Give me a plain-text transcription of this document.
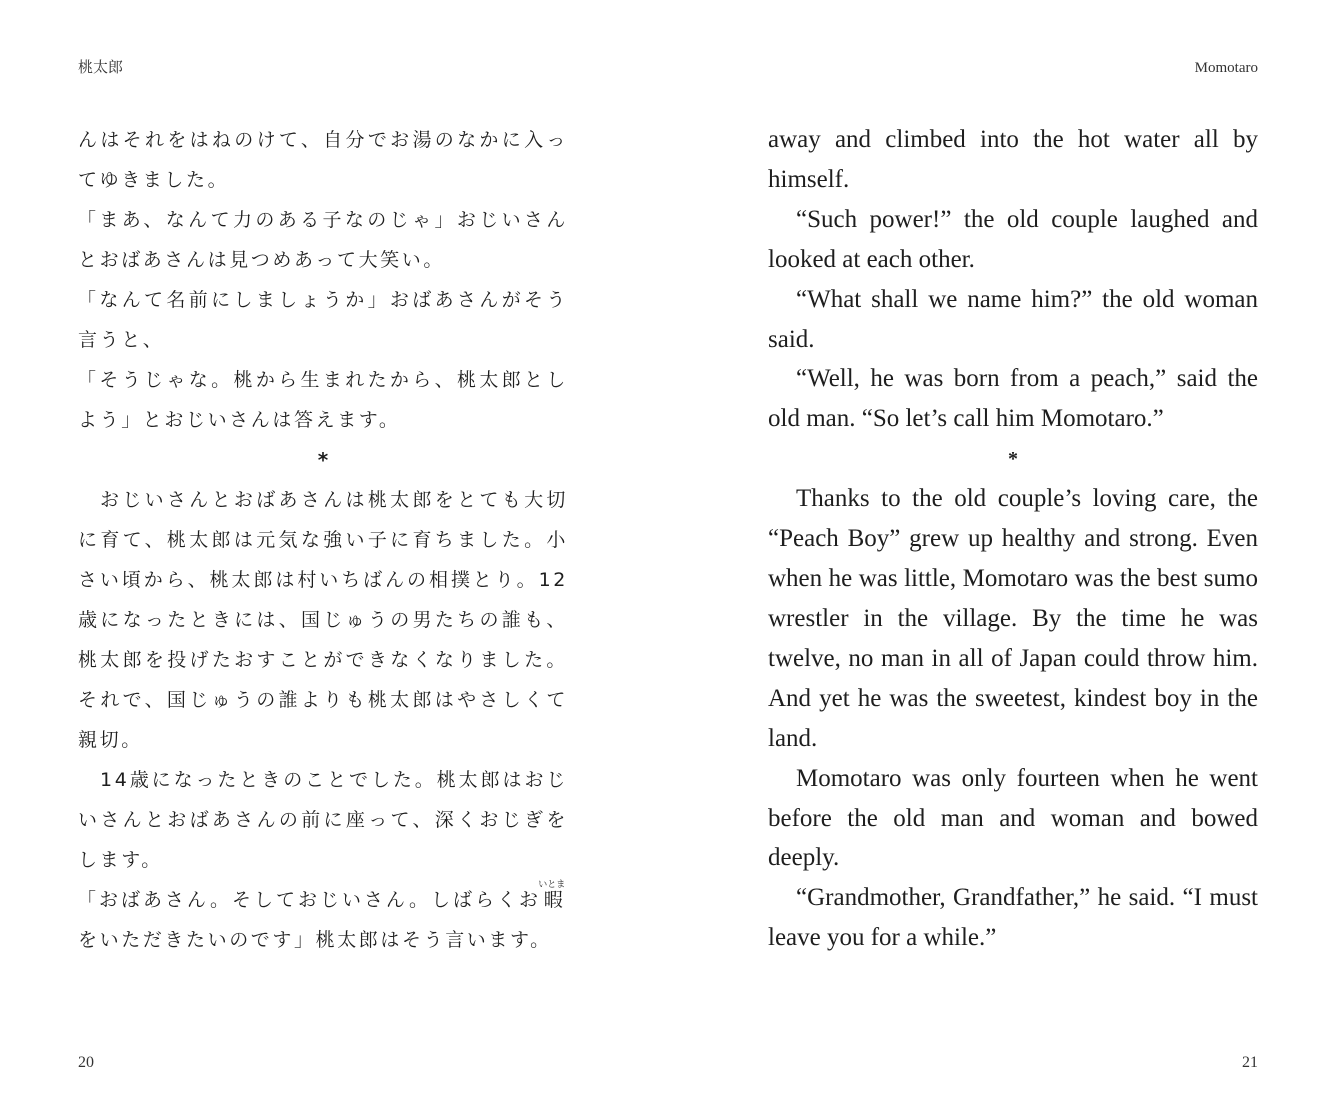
桃太郎

んはそれをはねのけて、自分でお湯のなかに入ってゆきました。

「まあ、なんて力のある子なのじゃ」おじいさんとおばあさんは見つめあって大笑い。

「なんて名前にしましょうか」おばあさんがそう言うと、

「そうじゃな。桃から生まれたから、桃太郎としよう」とおじいさんは答えます。

*

おじいさんとおばあさんは桃太郎をとても大切に育て、桃太郎は元気な強い子に育ちました。小さい頃から、桃太郎は村いちばんの相撲とり。12歳になったときには、国じゅうの男たちの誰も、桃太郎を投げたおすことができなくなりました。それで、国じゅうの誰よりも桃太郎はやさしくて親切。

14歳になったときのことでした。桃太郎はおじいさんとおばあさんの前に座って、深くおじぎをします。

「おばあさん。そしておじいさん。しばらくお暇いとまをいただきたいのです」桃太郎はそう言います。

20
Momotaro

away and climbed into the hot water all by himself.

“Such power!” the old couple laughed and looked at each other.

“What shall we name him?” the old woman said.

“Well, he was born from a peach,” said the old man. “So let’s call him Momotaro.”

*

Thanks to the old couple’s loving care, the “Peach Boy” grew up healthy and strong. Even when he was little, Momotaro was the best sumo wrestler in the village. By the time he was twelve, no man in all of Japan could throw him. And yet he was the sweetest, kindest boy in the land.

Momotaro was only fourteen when he went before the old man and woman and bowed deeply.

“Grandmother, Grandfather,” he said. “I must leave you for a while.”

21
